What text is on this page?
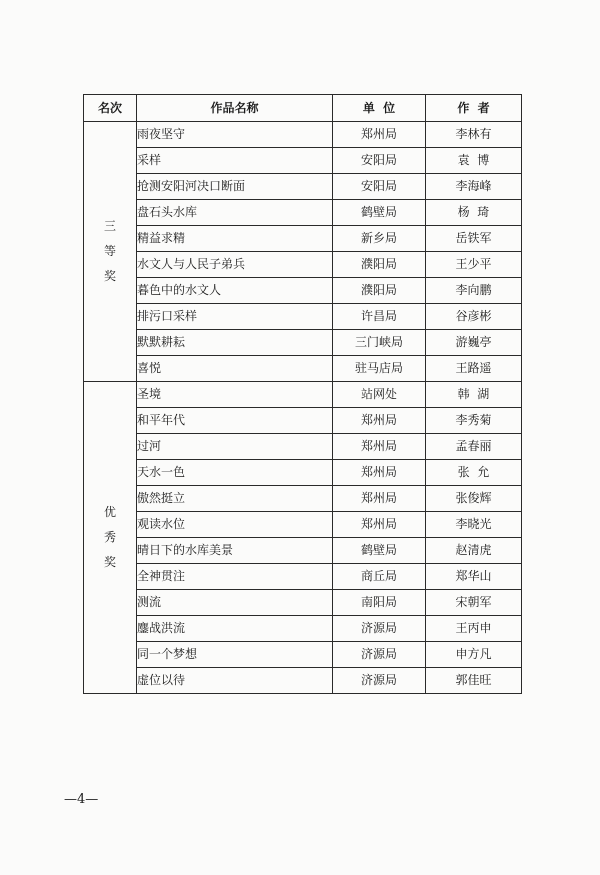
名次	作品名称	单  位	作  者

三
等
奖	雨夜坚守	郑州局	李林有
	采样	安阳局	袁  博
	抢测安阳河决口断面	安阳局	李海峰
	盘石头水库	鹤壁局	杨  琦
	精益求精	新乡局	岳铁军
	水文人与人民子弟兵	濮阳局	王少平
	暮色中的水文人	濮阳局	李向鹏
	排污口采样	许昌局	谷彦彬
	默默耕耘	三门峡局	游巍亭
	喜悦	驻马店局	王路遥

优
秀
奖	圣境	站网处	韩  湖
	和平年代	郑州局	李秀菊
	过河	郑州局	孟春丽
	天水一色	郑州局	张  允
	傲然挺立	郑州局	张俊辉
	观读水位	郑州局	李晓光
	晴日下的水库美景	鹤壁局	赵清虎
	全神贯注	商丘局	郑华山
	测流	南阳局	宋朝军
	鏖战洪流	济源局	王丙申
	同一个梦想	济源局	申方凡
	虚位以待	济源局	郭佳旺
—4—
